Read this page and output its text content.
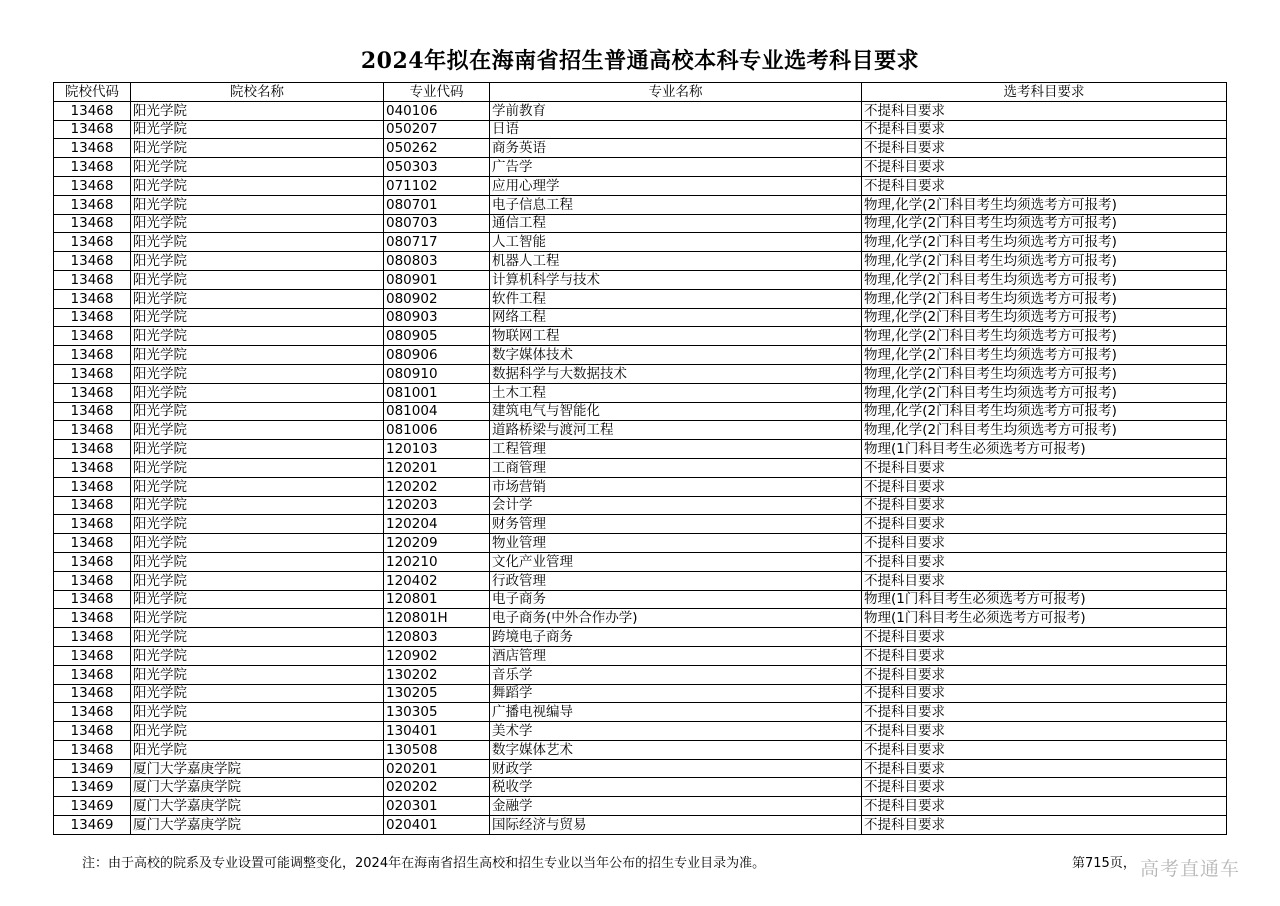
2024年拟在海南省招生普通高校本科专业选考科目要求
院校代码	院校名称	专业代码	专业名称	选考科目要求
13468	阳光学院	040106	学前教育	不提科目要求
13468	阳光学院	050207	日语	不提科目要求
13468	阳光学院	050262	商务英语	不提科目要求
13468	阳光学院	050303	广告学	不提科目要求
13468	阳光学院	071102	应用心理学	不提科目要求
13468	阳光学院	080701	电子信息工程	物理,化学(2门科目考生均须选考方可报考)
13468	阳光学院	080703	通信工程	物理,化学(2门科目考生均须选考方可报考)
13468	阳光学院	080717	人工智能	物理,化学(2门科目考生均须选考方可报考)
13468	阳光学院	080803	机器人工程	物理,化学(2门科目考生均须选考方可报考)
13468	阳光学院	080901	计算机科学与技术	物理,化学(2门科目考生均须选考方可报考)
13468	阳光学院	080902	软件工程	物理,化学(2门科目考生均须选考方可报考)
13468	阳光学院	080903	网络工程	物理,化学(2门科目考生均须选考方可报考)
13468	阳光学院	080905	物联网工程	物理,化学(2门科目考生均须选考方可报考)
13468	阳光学院	080906	数字媒体技术	物理,化学(2门科目考生均须选考方可报考)
13468	阳光学院	080910	数据科学与大数据技术	物理,化学(2门科目考生均须选考方可报考)
13468	阳光学院	081001	土木工程	物理,化学(2门科目考生均须选考方可报考)
13468	阳光学院	081004	建筑电气与智能化	物理,化学(2门科目考生均须选考方可报考)
13468	阳光学院	081006	道路桥梁与渡河工程	物理,化学(2门科目考生均须选考方可报考)
13468	阳光学院	120103	工程管理	物理(1门科目考生必须选考方可报考)
13468	阳光学院	120201	工商管理	不提科目要求
13468	阳光学院	120202	市场营销	不提科目要求
13468	阳光学院	120203	会计学	不提科目要求
13468	阳光学院	120204	财务管理	不提科目要求
13468	阳光学院	120209	物业管理	不提科目要求
13468	阳光学院	120210	文化产业管理	不提科目要求
13468	阳光学院	120402	行政管理	不提科目要求
13468	阳光学院	120801	电子商务	物理(1门科目考生必须选考方可报考)
13468	阳光学院	120801H	电子商务(中外合作办学)	物理(1门科目考生必须选考方可报考)
13468	阳光学院	120803	跨境电子商务	不提科目要求
13468	阳光学院	120902	酒店管理	不提科目要求
13468	阳光学院	130202	音乐学	不提科目要求
13468	阳光学院	130205	舞蹈学	不提科目要求
13468	阳光学院	130305	广播电视编导	不提科目要求
13468	阳光学院	130401	美术学	不提科目要求
13468	阳光学院	130508	数字媒体艺术	不提科目要求
13469	厦门大学嘉庚学院	020201	财政学	不提科目要求
13469	厦门大学嘉庚学院	020202	税收学	不提科目要求
13469	厦门大学嘉庚学院	020301	金融学	不提科目要求
13469	厦门大学嘉庚学院	020401	国际经济与贸易	不提科目要求
注：由于高校的院系及专业设置可能调整变化，2024年在海南省招生高校和招生专业以当年公布的招生专业目录为准。	第715页， 高考直通车
